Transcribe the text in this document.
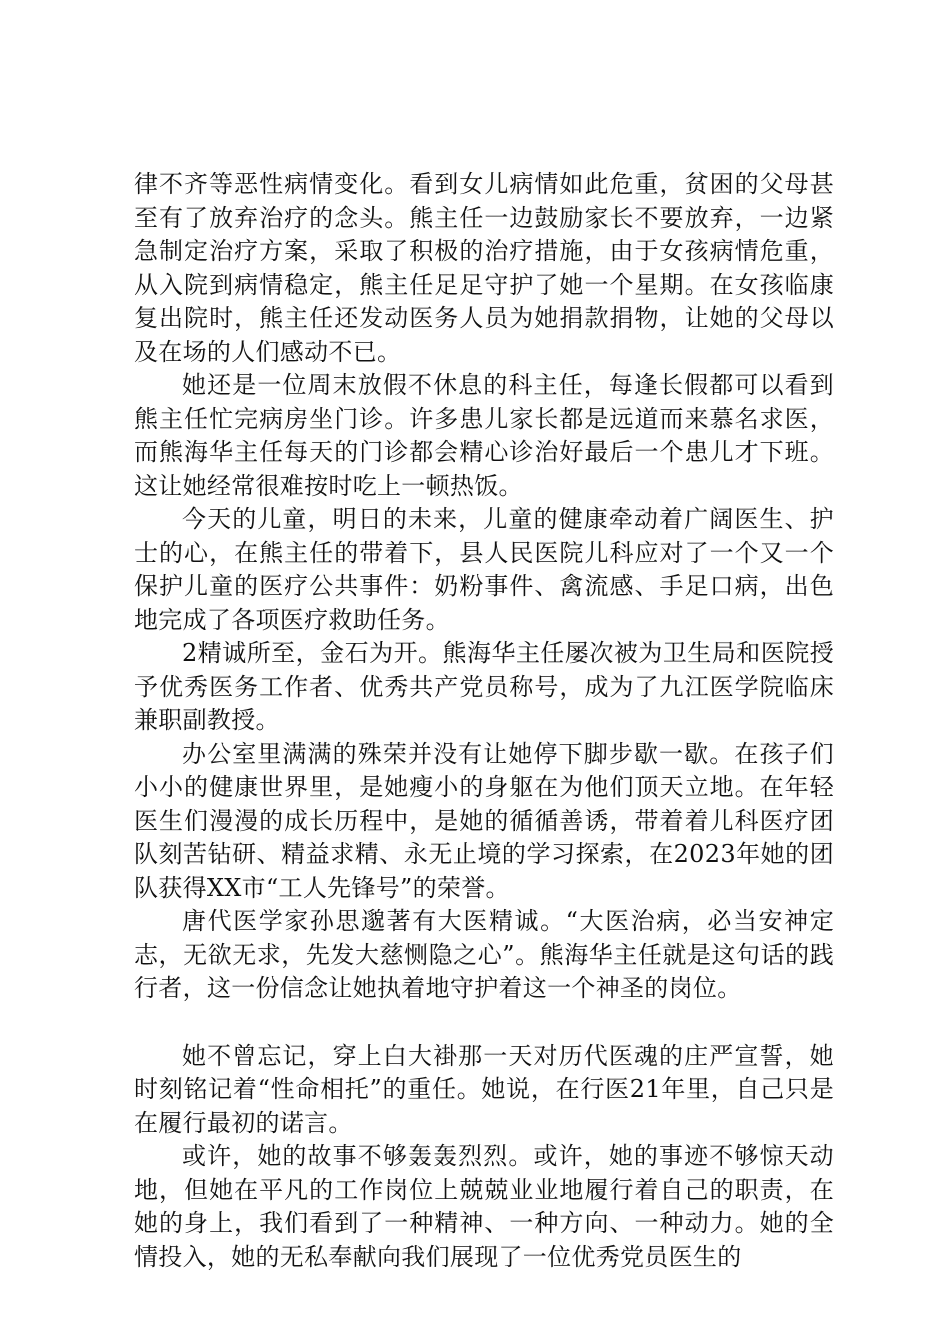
律不齐等恶性病情变化。看到女儿病情如此危重，贫困的父母甚至有了放弃治疗的念头。熊主任一边鼓励家长不要放弃，一边紧急制定治疗方案，采取了积极的治疗措施，由于女孩病情危重，从入院到病情稳定，熊主任足足守护了她一个星期。在女孩临康复出院时，熊主任还发动医务人员为她捐款捐物，让她的父母以及在场的人们感动不已。

她还是一位周末放假不休息的科主任，每逢长假都可以看到熊主任忙完病房坐门诊。许多患儿家长都是远道而来慕名求医，而熊海华主任每天的门诊都会精心诊治好最后一个患儿才下班。这让她经常很难按时吃上一顿热饭。

今天的儿童，明日的未来，儿童的健康牵动着广阔医生、护士的心，在熊主任的带着下，县人民医院儿科应对了一个又一个保护儿童的医疗公共事件：奶粉事件、禽流感、手足口病，出色地完成了各项医疗救助任务。

2精诚所至，金石为开。熊海华主任屡次被为卫生局和医院授予优秀医务工作者、优秀共产党员称号，成为了九江医学院临床兼职副教授。

办公室里满满的殊荣并没有让她停下脚步歇一歇。在孩子们小小的健康世界里，是她瘦小的身躯在为他们顶天立地。在年轻医生们漫漫的成长历程中，是她的循循善诱，带着着儿科医疗团队刻苦钻研、精益求精、永无止境的学习探索，在2023年她的团队获得XX市“工人先锋号”的荣誉。

唐代医学家孙思邈著有大医精诚。“大医治病，必当安神定志，无欲无求，先发大慈恻隐之心”。熊海华主任就是这句话的践行者，这一份信念让她执着地守护着这一个神圣的岗位。

她不曾忘记，穿上白大褂那一天对历代医魂的庄严宣誓，她时刻铭记着“性命相托”的重任。她说，在行医21年里，自己只是在履行最初的诺言。

或许，她的故事不够轰轰烈烈。或许，她的事迹不够惊天动地，但她在平凡的工作岗位上兢兢业业地履行着自己的职责，在她的身上，我们看到了一种精神、一种方向、一种动力。她的全情投入，她的无私奉献向我们展现了一位优秀党员医生的
